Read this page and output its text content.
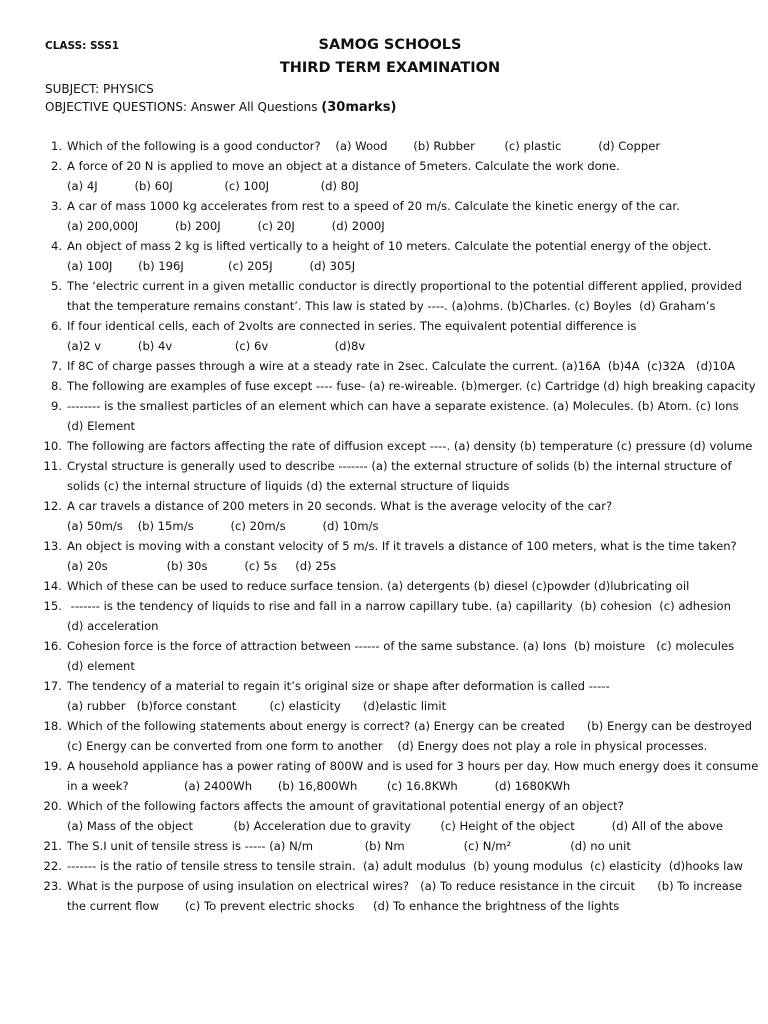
CLASS: SSS1	SAMOG SCHOOLS
THIRD TERM EXAMINATION
SUBJECT: PHYSICS
OBJECTIVE QUESTIONS: Answer All Questions (30marks)
1. Which of the following is a good conductor?    (a) Wood       (b) Rubber        (c) plastic          (d) Copper
2. A force of 20 N is applied to move an object at a distance of 5meters. Calculate the work done.
(a) 4J          (b) 60J              (c) 100J              (d) 80J
3. A car of mass 1000 kg accelerates from rest to a speed of 20 m/s. Calculate the kinetic energy of the car.
(a) 200,000J          (b) 200J          (c) 20J          (d) 2000J
4. An object of mass 2 kg is lifted vertically to a height of 10 meters. Calculate the potential energy of the object.
(a) 100J       (b) 196J            (c) 205J          (d) 305J
5. The ‘electric current in a given metallic conductor is directly proportional to the potential different applied, provided
that the temperature remains constant’. This law is stated by ----. (a)ohms. (b)Charles. (c) Boyles  (d) Graham’s
6. If four identical cells, each of 2volts are connected in series. The equivalent potential difference is
(a)2 v          (b) 4v                 (c) 6v                  (d)8v
7. If 8C of charge passes through a wire at a steady rate in 2sec. Calculate the current. (a)16A  (b)4A  (c)32A   (d)10A
8. The following are examples of fuse except ---- fuse- (a) re-wireable. (b)merger. (c) Cartridge (d) high breaking capacity
9. -------- is the smallest particles of an element which can have a separate existence. (a) Molecules. (b) Atom. (c) Ions
(d) Element
10. The following are factors affecting the rate of diffusion except ----. (a) density (b) temperature (c) pressure (d) volume
11. Crystal structure is generally used to describe ------- (a) the external structure of solids (b) the internal structure of
solids (c) the internal structure of liquids (d) the external structure of liquids
12. A car travels a distance of 200 meters in 20 seconds. What is the average velocity of the car?
(a) 50m/s    (b) 15m/s          (c) 20m/s          (d) 10m/s
13. An object is moving with a constant velocity of 5 m/s. If it travels a distance of 100 meters, what is the time taken?
(a) 20s                (b) 30s          (c) 5s     (d) 25s
14. Which of these can be used to reduce surface tension. (a) detergents (b) diesel (c)powder (d)lubricating oil
15. ------- is the tendency of liquids to rise and fall in a narrow capillary tube. (a) capillarity  (b) cohesion  (c) adhesion
(d) acceleration
16. Cohesion force is the force of attraction between ------ of the same substance. (a) Ions  (b) moisture   (c) molecules
(d) element
17. The tendency of a material to regain it’s original size or shape after deformation is called -----
(a) rubber   (b)force constant         (c) elasticity      (d)elastic limit
18. Which of the following statements about energy is correct? (a) Energy can be created      (b) Energy can be destroyed
(c) Energy can be converted from one form to another    (d) Energy does not play a role in physical processes.
19. A household appliance has a power rating of 800W and is used for 3 hours per day. How much energy does it consume
in a week?               (a) 2400Wh       (b) 16,800Wh        (c) 16.8KWh          (d) 1680KWh
20. Which of the following factors affects the amount of gravitational potential energy of an object?
(a) Mass of the object           (b) Acceleration due to gravity        (c) Height of the object          (d) All of the above
21. The S.I unit of tensile stress is ----- (a) N/m              (b) Nm                (c) N/m²                (d) no unit
22. ------- is the ratio of tensile stress to tensile strain.  (a) adult modulus  (b) young modulus  (c) elasticity  (d)hooks law
23. What is the purpose of using insulation on electrical wires?   (a) To reduce resistance in the circuit      (b) To increase
the current flow       (c) To prevent electric shocks     (d) To enhance the brightness of the lights
